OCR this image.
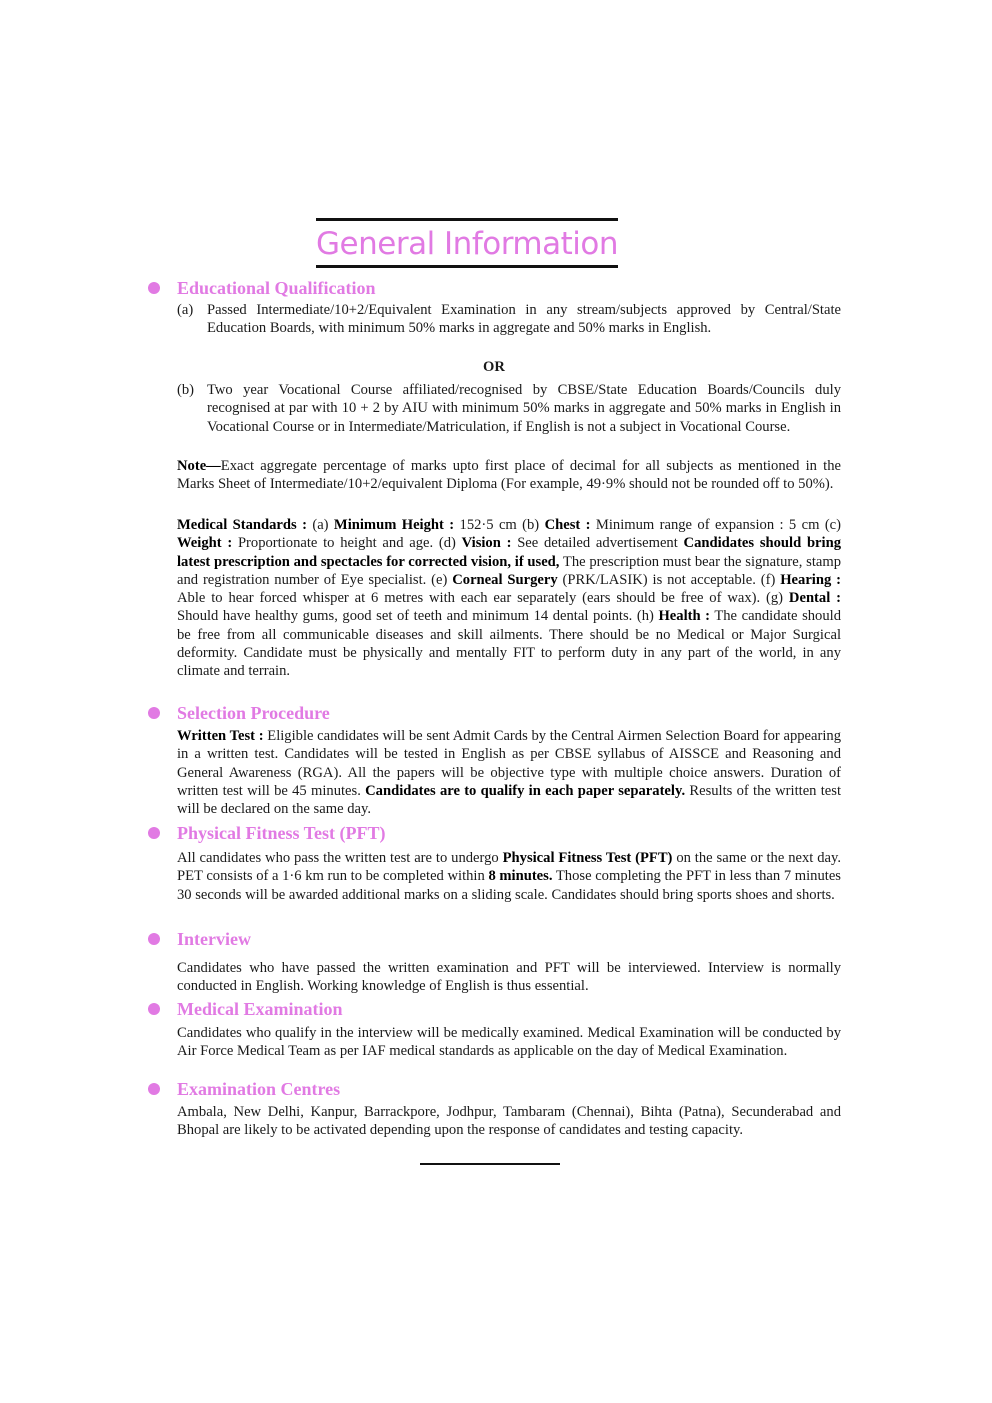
General Information
Educational Qualification
(a) Passed Intermediate/10+2/Equivalent Examination in any stream/subjects approved by Central/State Education Boards, with minimum 50% marks in aggregate and 50% marks in English.
OR
(b) Two year Vocational Course affiliated/recognised by CBSE/State Education Boards/Councils duly recognised at par with 10 + 2 by AIU with minimum 50% marks in aggregate and 50% marks in English in Vocational Course or in Intermediate/Matriculation, if English is not a subject in Vocational Course.
Note—Exact aggregate percentage of marks upto first place of decimal for all subjects as mentioned in the Marks Sheet of Intermediate/10+2/equivalent Diploma (For example, 49·9% should not be rounded off to 50%).
Medical Standards : (a) Minimum Height : 152·5 cm (b) Chest : Minimum range of expansion : 5 cm (c) Weight : Proportionate to height and age. (d) Vision : See detailed advertisement Candidates should bring latest prescription and spectacles for corrected vision, if used, The prescription must bear the signature, stamp and registration number of Eye specialist. (e) Corneal Surgery (PRK/LASIK) is not acceptable. (f) Hearing : Able to hear forced whisper at 6 metres with each ear separately (ears should be free of wax). (g) Dental : Should have healthy gums, good set of teeth and minimum 14 dental points. (h) Health : The candidate should be free from all communicable diseases and skill ailments. There should be no Medical or Major Surgical deformity. Candidate must be physically and mentally FIT to perform duty in any part of the world, in any climate and terrain.
Selection Procedure
Written Test : Eligible candidates will be sent Admit Cards by the Central Airmen Selection Board for appearing in a written test. Candidates will be tested in English as per CBSE syllabus of AISSCE and Reasoning and General Awareness (RGA). All the papers will be objective type with multiple choice answers. Duration of written test will be 45 minutes. Candidates are to qualify in each paper separately. Results of the written test will be declared on the same day.
Physical Fitness Test (PFT)
All candidates who pass the written test are to undergo Physical Fitness Test (PFT) on the same or the next day. PET consists of a 1·6 km run to be completed within 8 minutes. Those completing the PFT in less than 7 minutes 30 seconds will be awarded additional marks on a sliding scale. Candidates should bring sports shoes and shorts.
Interview
Candidates who have passed the written examination and PFT will be interviewed. Interview is normally conducted in English. Working knowledge of English is thus essential.
Medical Examination
Candidates who qualify in the interview will be medically examined. Medical Examination will be conducted by Air Force Medical Team as per IAF medical standards as applicable on the day of Medical Examination.
Examination Centres
Ambala, New Delhi, Kanpur, Barrackpore, Jodhpur, Tambaram (Chennai), Bihta (Patna), Secunderabad and Bhopal are likely to be activated depending upon the response of candidates and testing capacity.
